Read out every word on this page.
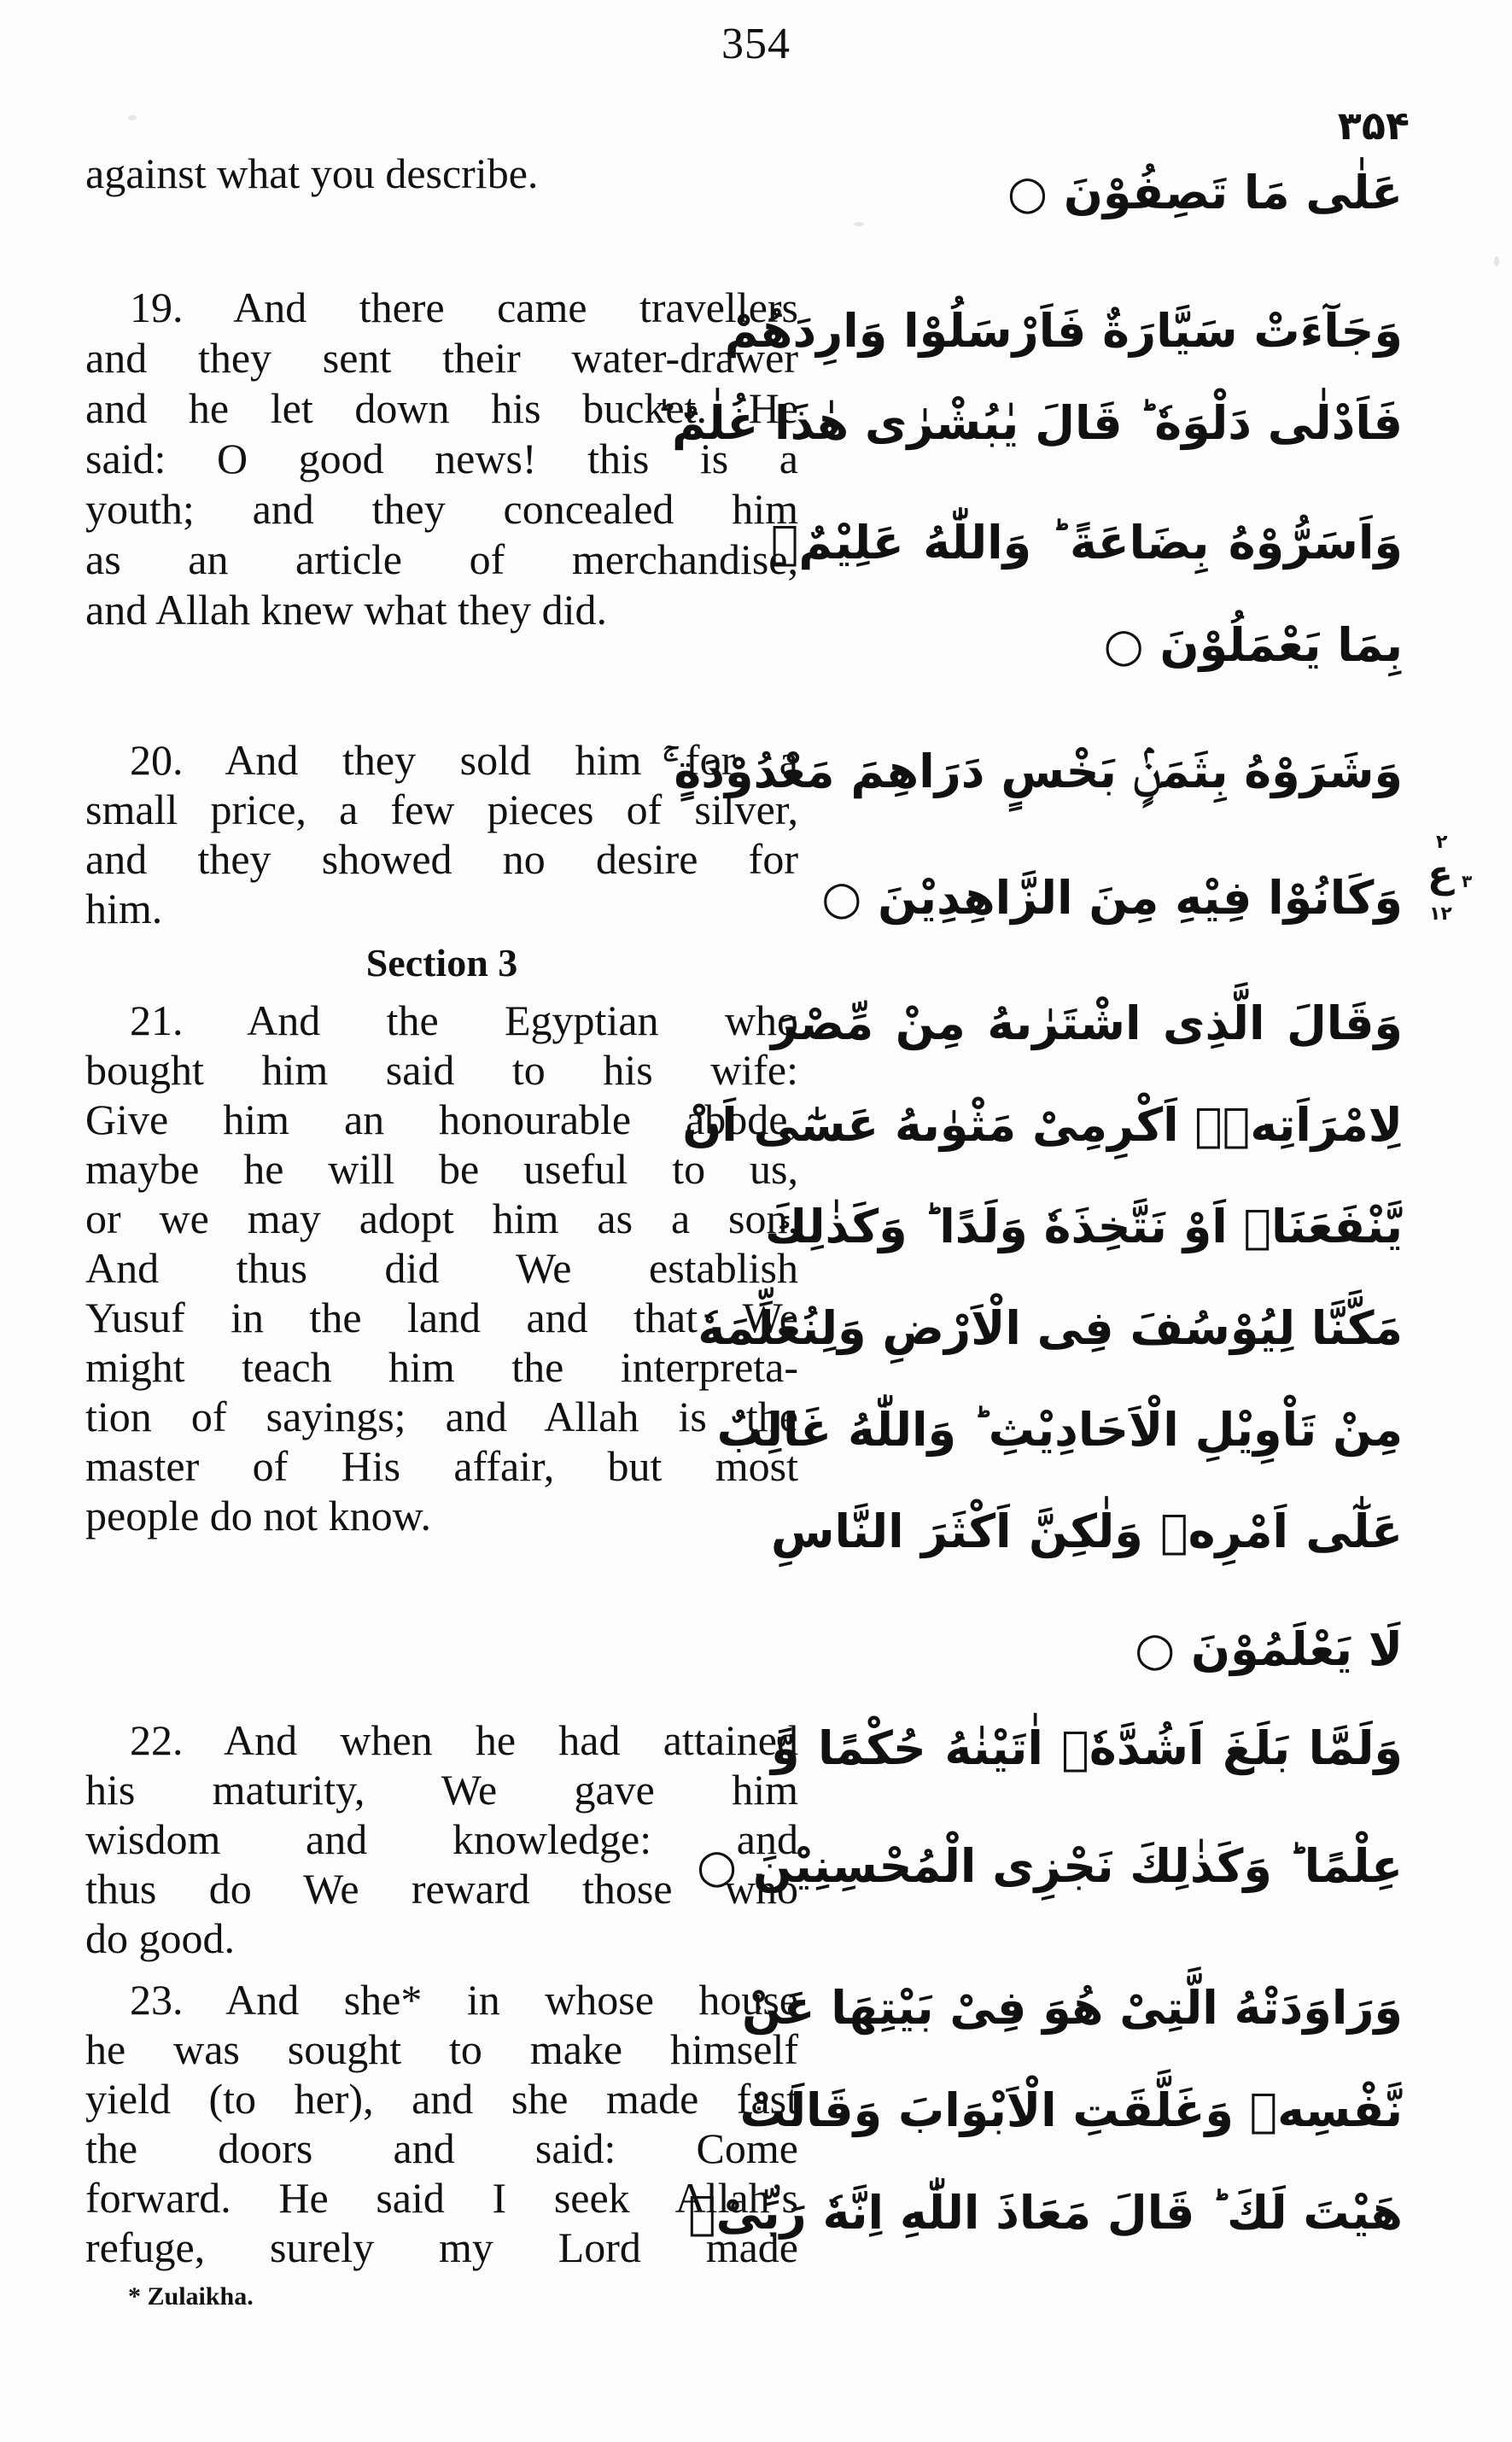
354
against what you describe.
19. And there came travellers
and they sent their water-drawer
and he let down his bucket. He
said: O good news! this is a
youth; and they concealed him
as an article of merchandise,
and Allah knew what they did.
20. And they sold him for a
small price, a few pieces of silver,
and they showed no desire for
him.
Section 3
21. And the Egyptian who
bought him said to his wife:
Give him an honourable abode,
maybe he will be useful to us,
or we may adopt him as a son.
And thus did We establish
Yusuf in the land and that We
might teach him the interpreta-
tion of sayings; and Allah is the
master of His affair, but most
people do not know.
22. And when he had attained
his maturity, We gave him
wisdom and knowledge: and
thus do We reward those who
do good.
23. And she* in whose house
he was sought to make himself
yield (to her), and she made fast
the doors and said: Come
forward. He said I seek Allah’s
refuge, surely my Lord made
* Zulaikha.
۳۵۴
عَلٰى مَا تَصِفُوْنَ ○
وَجَآءَتْ سَيَّارَةٌ فَاَرْسَلُوْا وَارِدَهُمْ
فَاَدْلٰى دَلْوَهٗ ؕ قَالَ يٰبُشْرٰى هٰذَا غُلٰمٌ ؕ
وَاَسَرُّوْهُ بِضَاعَةً ؕ وَاللّٰهُ عَلِيْمٌۢ
بِمَا يَعْمَلُوْنَ ○
وَشَرَوْهُ بِثَمَنٍۢ بَخْسٍ دَرَاهِمَ مَعْدُوْدَةٍ ۚ
وَكَانُوْا فِيْهِ مِنَ الزَّاهِدِيْنَ ○
۲
ع ۳
۱۲
وَقَالَ الَّذِى اشْتَرٰىهُ مِنْ مِّصْرَ
لِامْرَاَتِهٖۤ اَكْرِمِىْ مَثْوٰىهُ عَسٰٓى اَنْ
يَّنْفَعَنَاۤ اَوْ نَتَّخِذَهٗ وَلَدًا ؕ وَكَذٰلِكَ
مَكَّنَّا لِيُوْسُفَ فِى الْاَرْضِ وَلِنُعَلِّمَهٗ
مِنْ تَاْوِيْلِ الْاَحَادِيْثِ ؕ وَاللّٰهُ غَالِبٌ
عَلٰٓى اَمْرِهٖ وَلٰكِنَّ اَكْثَرَ النَّاسِ
لَا يَعْلَمُوْنَ ○
وَلَمَّا بَلَغَ اَشُدَّهٗۤ اٰتَيْنٰهُ حُكْمًا وَّ
عِلْمًا ؕ وَكَذٰلِكَ نَجْزِى الْمُحْسِنِيْنَ ○
وَرَاوَدَتْهُ الَّتِىْ هُوَ فِىْ بَيْتِهَا عَنْ
نَّفْسِهٖ وَغَلَّقَتِ الْاَبْوَابَ وَقَالَتْ
هَيْتَ لَكَ ؕ قَالَ مَعَاذَ اللّٰهِ اِنَّهٗ رَبِّىْۤ
